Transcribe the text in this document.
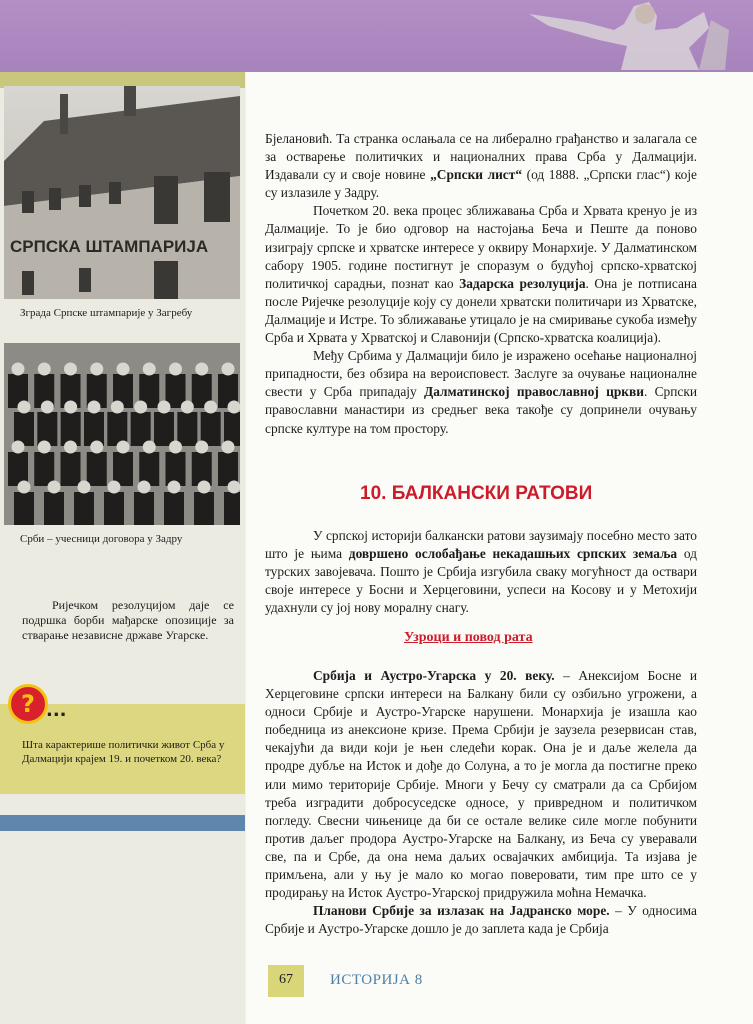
СРПСКА ШТАМПАРИЈА
Зграда Српске штампарије у Загребу
Срби – учесници договора у Задру
Ријечком резолуцијом даје се подршка борби мађарске опозиције за стварање независне државе Угарске.
? ...
Шта карактерише политички живот Срба у Далмацији крајем 19. и почетком 20. века?

Бјелановић. Та странка ослањала се на либерално грађанство и залагала се за остварење политичких и националних права Срба у Далмацији. Издавали су и своје новине „Српски лист“ (од 1888. „Српски глас“) које су излазиле у Задру.

Почетком 20. века процес зближавања Срба и Хрвата кренуо је из Далмације. То је био одговор на настојања Беча и Пеште да поново изиграју српске и хрватске интересе у оквиру Монархије. У Далматинском сабору 1905. године постигнут је споразум о будућој српско-хрватској политичкој сарадњи, познат као Задарска резолуција. Она је потписана после Ријечке резолуције коју су донели хрватски политичари из Хрватске, Далмације и Истре. То зближавање утицало је на смиривање сукоба између Срба и Хрвата у Хрватској и Славонији (Српско-хрватска коалиција).

Међу Србима у Далмацији било је изражено осећање националној припадности, без обзира на вероисповест. Заслуге за очување националне свести у Срба припадају Далматинској православној цркви. Српски православни манастири из средњег века такође су допринели очувању српске културе на том простору.

10. БАЛКАНСКИ РАТОВИ

У српској историји балкански ратови заузимају посебно место зато што је њима довршено ослобађање некадашњих српских земаља од турских завојевача. Пошто је Србија изгубила сваку могућност да оствари своје интересе у Босни и Херцеговини, успеси на Косову и у Метохији удахнули су јој нову моралну снагу.

Узроци и повод рата

Србија и Аустро-Угарска у 20. веку. – Анексијом Босне и Херцеговине српски интереси на Балкану били су озбиљно угрожени, а односи Србије и Аустро-Угарске нарушени. Монархија је изашла као победница из анексионе кризе. Према Србији је заузела резервисан став, чекајући да види који је њен следећи корак. Она је и даље желела да продре дубље на Исток и дође до Солуна, а то је могла да постигне преко или мимо територије Србије. Многи у Бечу су сматрали да са Србијом треба изградити добросуседске односе, у привредном и политичком погледу. Свесни чињенице да би се остале велике силе могле побунити против даљег продора Аустро-Угарске на Балкану, из Беча су уверавали све, па и Србе, да она нема даљих освајачких амбиција. Та изјава је примљена, али у њу је мало ко могао поверовати, тим пре што се у продирању на Исток Аустро-Угарској придружила моћна Немачка.

Планови Србије за излазак на Јадранско море. – У односима Србије и Аустро-Угарске дошло је до заплета када је Србија

67	ИСТОРИЈА 8
